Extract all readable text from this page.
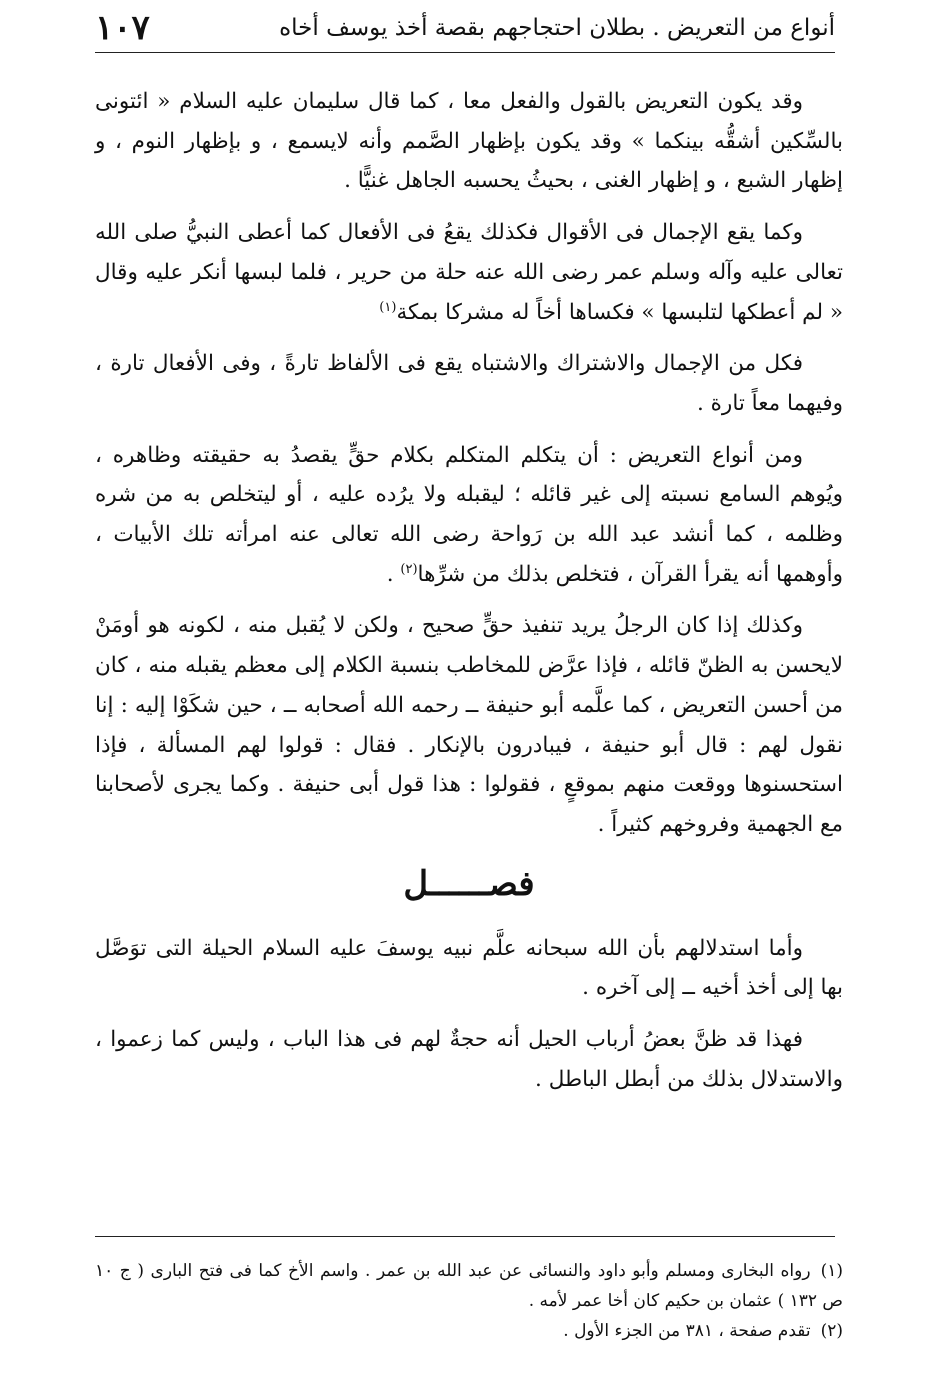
أنواع من التعريض . بطلان احتجاجهم بقصة أخذ يوسف أخاه
١٠٧

وقد يكون التعريض بالقول والفعل معا ، كما قال سليمان عليه السلام « ائتونى بالسِّكين أشقُّه بينكما » وقد يكون بإظهار الصَّمم وأنه لايسمع ، و بإظهار النوم ، و إظهار الشبع ، و إظهار الغنى ، بحيثُ يحسبه الجاهل غنيًّا .

وكما يقع الإجمال فى الأقوال فكذلك يقعُ فى الأفعال كما أعطى النبيُّ صلى الله تعالى عليه وآله وسلم عمر رضى الله عنه حلة من حرير ، فلما لبسها أنكر عليه وقال « لم أعطكها لتلبسها » فكساها أخاً له مشركا بمكة$^{(١)}$

فكل من الإجمال والاشتراك والاشتباه يقع فى الألفاظ تارةً ، وفى الأفعال تارة ، وفيهما معاً تارة .

ومن أنواع التعريض : أن يتكلم المتكلم بكلام حقٍّ يقصدُ به حقيقته وظاهره ، ويُوهم السامع نسبته إلى غير قائله ؛ ليقبله ولا يرُده عليه ، أو ليتخلص به من شره وظلمه ، كما أنشد عبد الله بن رَواحة رضى الله تعالى عنه امرأته تلك الأبيات ، وأوهمها أنه يقرأ القرآن ، فتخلص بذلك من شرِّها$^{(٢)}$ .

وكذلك إذا كان الرجلُ يريد تنفيذ حقٍّ صحيح ، ولكن لا يُقبل منه ، لكونه هو أومَنْ لايحسن به الظنّ قائله ، فإذا عرَّض للمخاطب بنسبة الكلام إلى معظم يقبله منه ، كان من أحسن التعريض ، كما علَّمه أبو حنيفة ــ رحمه الله أصحابه ــ ، حين شكَوْا إليه : إنا نقول لهم : قال أبو حنيفة ، فيبادرون بالإنكار . فقال : قولوا لهم المسألة ، فإذا استحسنوها ووقعت منهم بموقعٍ ، فقولوا : هذا قول أبى حنيفة . وكما يجرى لأصحابنا مع الجهمية وفروخهم كثيراً .

فصــــــل

وأما استدلالهم بأن الله سبحانه علَّم نبيه يوسفَ عليه السلام الحيلة التى توَصَّل بها إلى أخذ أخيه ــ إلى آخره .

فهذا قد ظنَّ بعضُ أرباب الحيل أنه حجةٌ لهم فى هذا الباب ، وليس كما زعموا ، والاستدلال بذلك من أبطل الباطل .

(١)رواه البخارى ومسلم وأبو داود والنسائى عن عبد الله بن عمر . واسم الأخ كما فى فتح البارى ( ج ١٠ ص ١٣٢ ) عثمان بن حكيم كان أخا عمر لأمه .

(٢)تقدم صفحة ، ٣٨١ من الجزء الأول .
